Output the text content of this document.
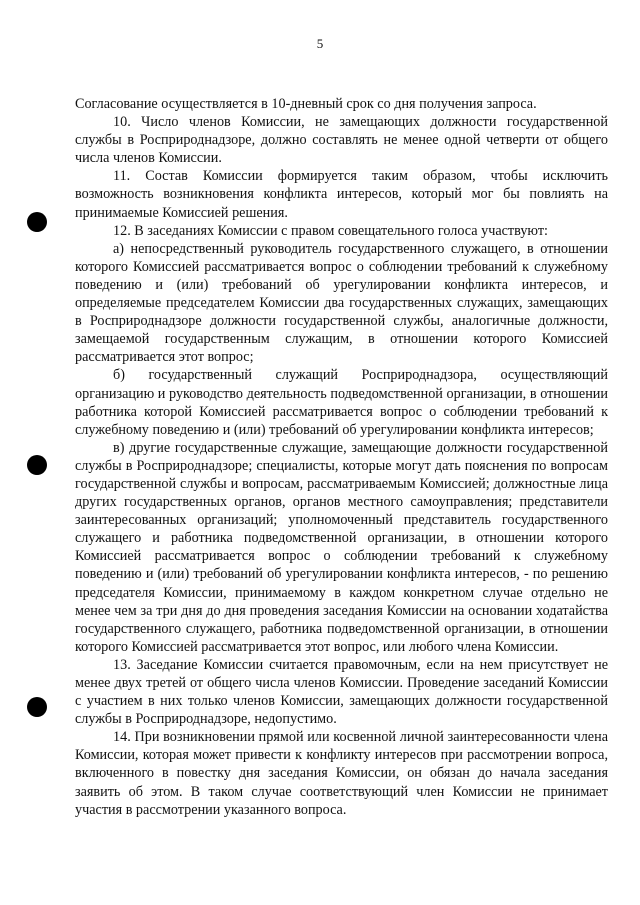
5

Согласование осуществляется в 10-дневный срок со дня получения запроса.

10. Число членов Комиссии, не замещающих должности государственной службы в Росприроднадзоре, должно составлять не менее одной четверти от общего числа членов Комиссии.

11. Состав Комиссии формируется таким образом, чтобы исключить возможность возникновения конфликта интересов, который мог бы повлиять на принимаемые Комиссией решения.

12. В заседаниях Комиссии с правом совещательного голоса участвуют:

а) непосредственный руководитель государственного служащего, в отношении которого Комиссией рассматривается вопрос о соблюдении требований к служебному поведению и (или) требований об урегулировании конфликта интересов, и определяемые председателем Комиссии два государственных служащих, замещающих в Росприроднадзоре должности государственной службы, аналогичные должности, замещаемой государственным служащим, в отношении которого Комиссией рассматривается этот вопрос;

б) государственный служащий Росприроднадзора, осуществляющий организацию и руководство деятельность подведомственной организации, в отношении работника которой Комиссией рассматривается вопрос о соблюдении требований к служебному поведению и (или) требований об урегулировании конфликта интересов;

в) другие государственные служащие, замещающие должности государственной службы в Росприроднадзоре; специалисты, которые могут дать пояснения по вопросам государственной службы и вопросам, рассматриваемым Комиссией; должностные лица других государственных органов, органов местного самоуправления; представители заинтересованных организаций; уполномоченный представитель государственного служащего и работника подведомственной организации, в отношении которого Комиссией рассматривается вопрос о соблюдении требований к служебному поведению и (или) требований об урегулировании конфликта интересов, - по решению председателя Комиссии, принимаемому в каждом конкретном случае отдельно не менее чем за три дня до дня проведения заседания Комиссии на основании ходатайства государственного служащего, работника подведомственной организации, в отношении которого Комиссией рассматривается этот вопрос, или любого члена Комиссии.

13. Заседание Комиссии считается правомочным, если на нем присутствует не менее двух третей от общего числа членов Комиссии. Проведение заседаний Комиссии с участием в них только членов Комиссии, замещающих должности государственной службы в Росприроднадзоре, недопустимо.

14. При возникновении прямой или косвенной личной заинтересованности члена Комиссии, которая может привести к конфликту интересов при рассмотрении вопроса, включенного в повестку дня заседания Комиссии, он обязан до начала заседания заявить об этом. В таком случае соответствующий член Комиссии не принимает участия в рассмотрении указанного вопроса.
